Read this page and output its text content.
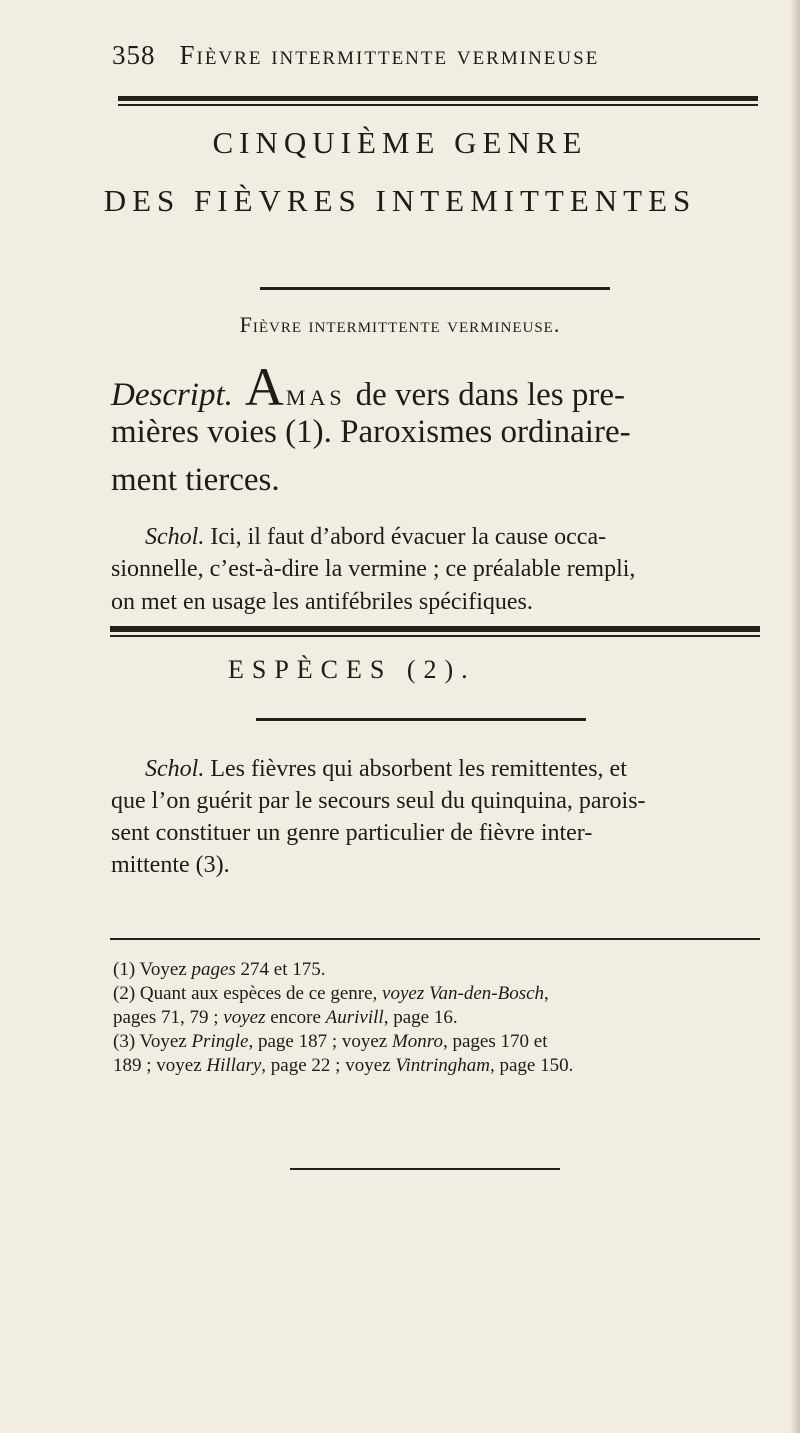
358 Fièvre intermittente vermineuse
CINQUIÈME GENRE
DES FIÈVRES INTEMITTENTES
Fièvre intermittente vermineuse.
Descript. AMAS de vers dans les pre-
mières voies (1). Paroxismes ordinaire-
ment tierces.
Schol. Ici, il faut d’abord évacuer la cause occa-
sionnelle, c’est-à-dire la vermine ; ce préalable rempli,
on met en usage les antifébriles spécifiques.
ESPÈCES (2).
Schol. Les fièvres qui absorbent les remittentes, et
que l’on guérit par le secours seul du quinquina, parois-
sent constituer un genre particulier de fièvre inter-
mittente (3).
(1) Voyez pages 274 et 175.
(2) Quant aux espèces de ce genre, voyez Van-den-Bosch,
pages 71, 79 ; voyez encore Aurivill, page 16.
(3) Voyez Pringle, page 187 ; voyez Monro, pages 170 et
189 ; voyez Hillary, page 22 ; voyez Vintringham, page 150.
